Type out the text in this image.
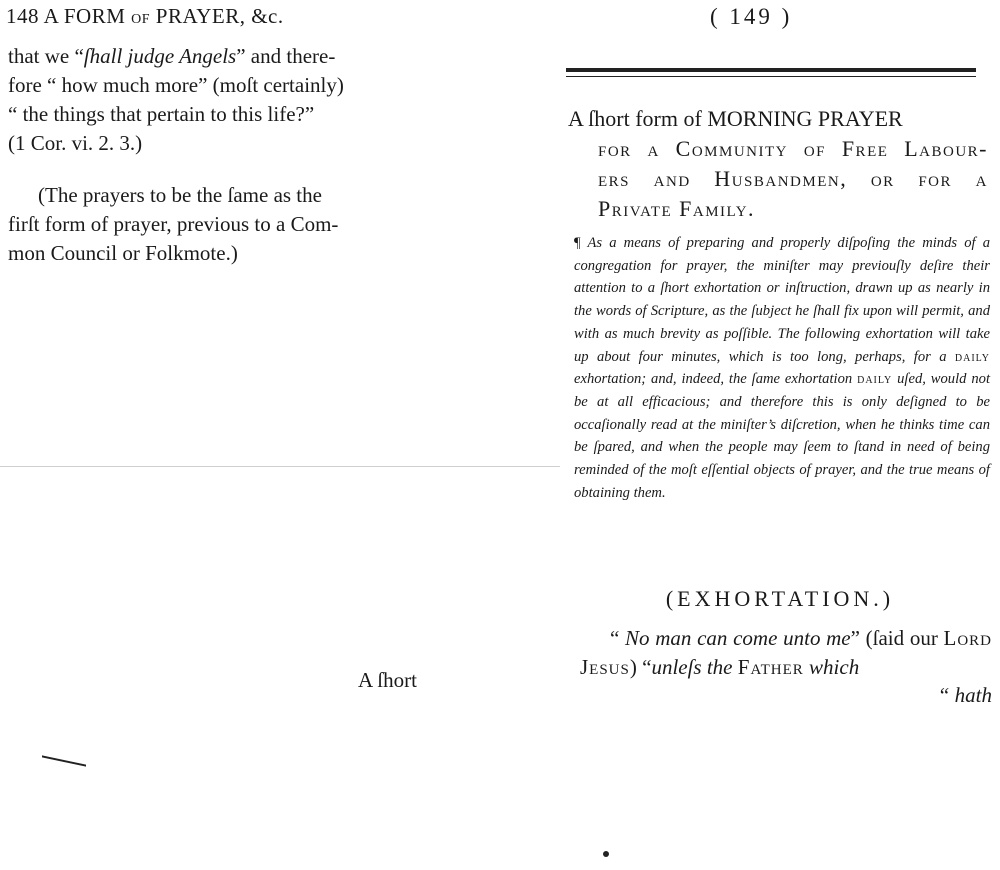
148 A FORM OF PRAYER, &c.
that we “ſhall judge Angels” and there-
fore “ how much more” (moſt certainly)
“ the things that pertain to this life?”
(1 Cor. vi. 2. 3.)
(The prayers to be the ſame as the
firſt form of prayer, previous to a Com-
mon Council or Folkmote.)
A ſhort
( 149 )
A ſhort form of MORNING PRAYER
for a Community of Free Labour-
ers and Husbandmen, or for a
Private Family.
¶ As a means of preparing and properly diſpoſing the minds of a congregation for prayer, the miniſter may previouſly deſire their attention to a ſhort exhortation or inſtruction, drawn up as nearly in the words of Scripture, as the ſubject he ſhall fix upon will permit, and with as much brevity as poſſible. The following exhortation will take up about four minutes, which is too long, perhaps, for a daily exhortation; and, indeed, the ſame exhortation daily uſed, would not be at all efficacious; and therefore this is only deſigned to be occaſionally read at the miniſter’s diſcretion, when he thinks time can be ſpared, and when the people may ſeem to ſtand in need of being reminded of the moſt eſſential objects of prayer, and the true means of obtaining them.
(EXHORTATION.)
“ No man can come unto me” (ſaid our Lord Jesus) “unleſs the Father which
“ hath
